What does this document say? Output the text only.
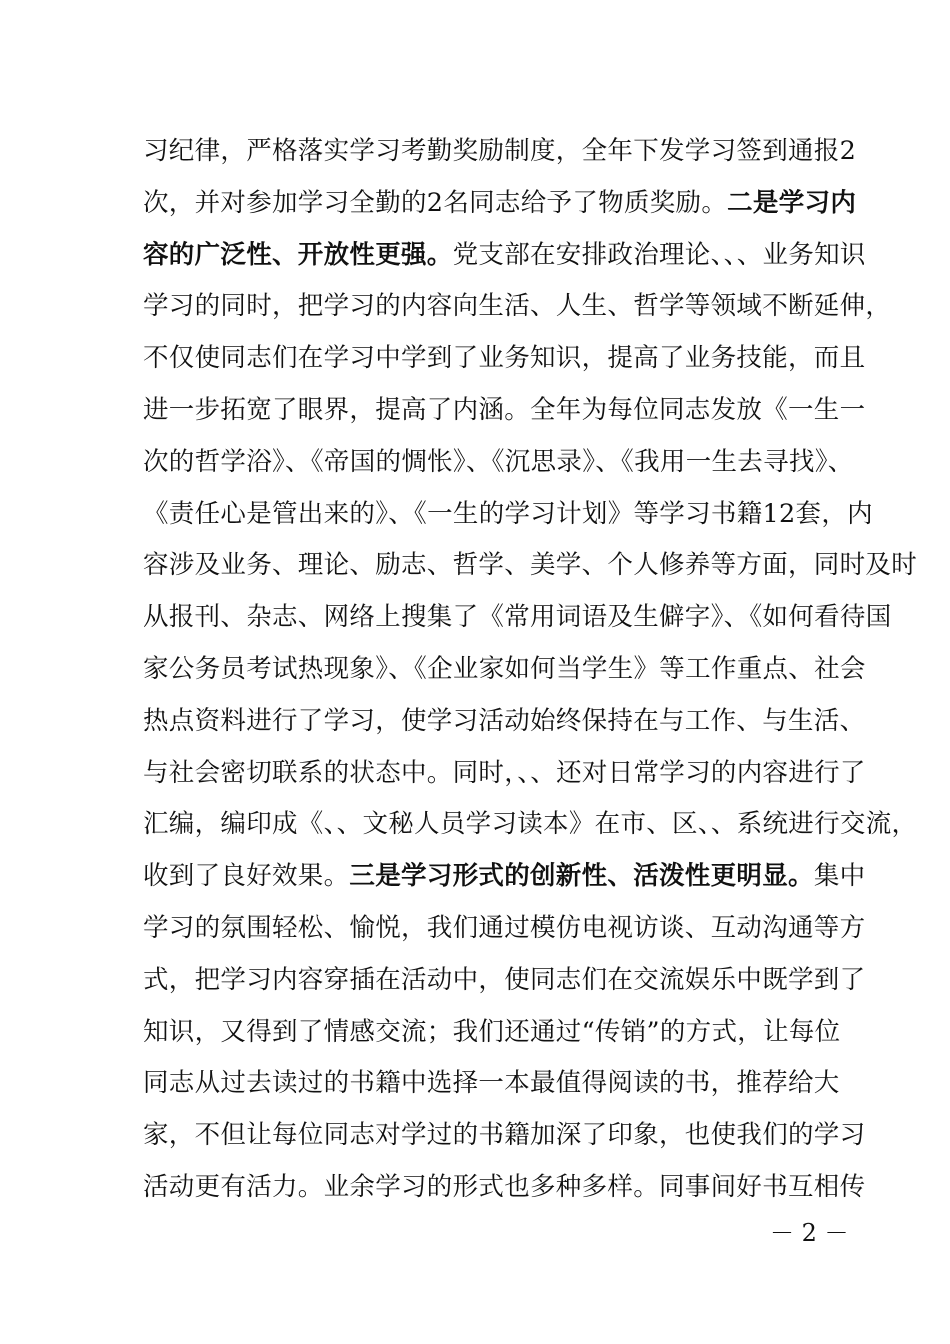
习纪律，严格落实学习考勤奖励制度，全年下发学习签到通报2
次，并对参加学习全勤的2名同志给予了物质奖励。二是学习内
容的广泛性、开放性更强。党支部在安排政治理论、、、业务知识
学习的同时，把学习的内容向生活、人生、哲学等领域不断延伸，
不仅使同志们在学习中学到了业务知识，提高了业务技能，而且
进一步拓宽了眼界，提高了内涵。全年为每位同志发放《一生一
次的哲学浴》、《帝国的惆怅》、《沉思录》、《我用一生去寻找》、
《责任心是管出来的》、《一生的学习计划》等学习书籍12套，内
容涉及业务、理论、励志、哲学、美学、个人修养等方面，同时及时
从报刊、杂志、网络上搜集了《常用词语及生僻字》、《如何看待国
家公务员考试热现象》、《企业家如何当学生》等工作重点、社会
热点资料进行了学习，使学习活动始终保持在与工作、与生活、
与社会密切联系的状态中。同时，、、还对日常学习的内容进行了
汇编，编印成《、、文秘人员学习读本》在市、区、、系统进行交流，
收到了良好效果。三是学习形式的创新性、活泼性更明显。集中
学习的氛围轻松、愉悦，我们通过模仿电视访谈、互动沟通等方
式，把学习内容穿插在活动中，使同志们在交流娱乐中既学到了
知识，又得到了情感交流；我们还通过“传销”的方式，让每位
同志从过去读过的书籍中选择一本最值得阅读的书，推荐给大
家，不但让每位同志对学过的书籍加深了印象，也使我们的学习
活动更有活力。业余学习的形式也多种多样。同事间好书互相传
－ 2 －
